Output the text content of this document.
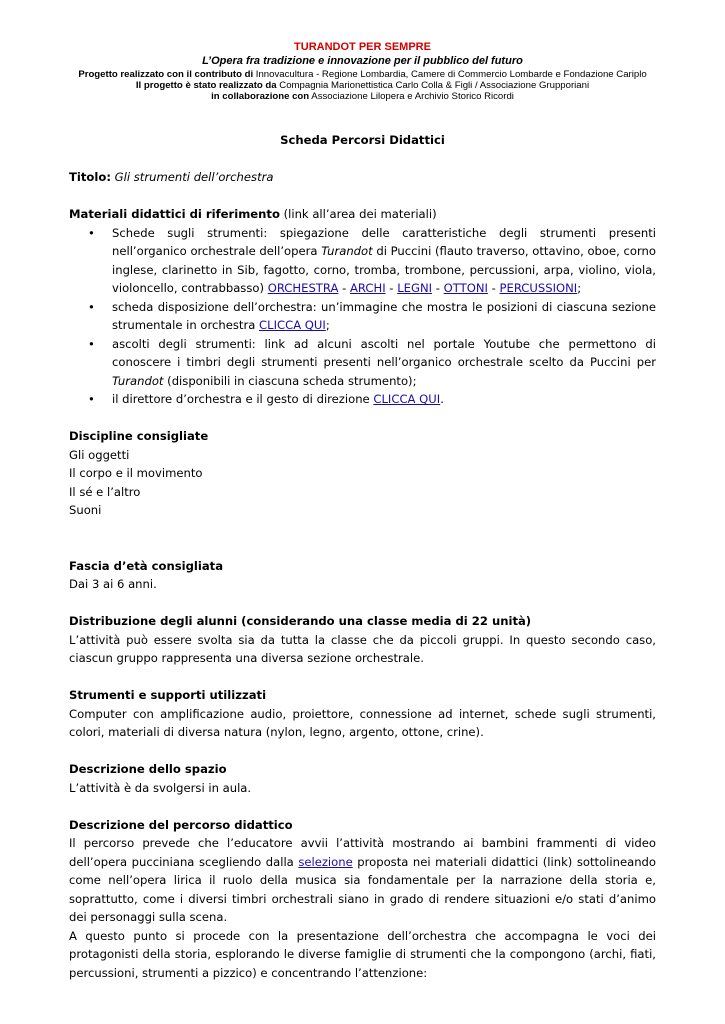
TURANDOT PER SEMPRE
L’Opera fra tradizione e innovazione per il pubblico del futuro
Progetto realizzato con il contributo di Innovacultura - Regione Lombardia, Camere di Commercio Lombarde e Fondazione Cariplo
Il progetto è stato realizzato da Compagnia Marionettistica Carlo Colla & Figli / Associazione Grupporiani
in collaborazione con Associazione Lilopera e Archivio Storico Ricordi

Scheda Percorsi Didattici

Titolo: Gli strumenti dell’orchestra

Materiali didattici di riferimento (link all’area dei materiali)

• Schede sugli strumenti: spiegazione delle caratteristiche degli strumenti presenti nell’organico orchestrale dell’opera Turandot di Puccini (flauto traverso, ottavino, oboe, corno inglese, clarinetto in Sib, fagotto, corno, tromba, trombone, percussioni, arpa, violino, viola, violoncello, contrabbasso) ORCHESTRA - ARCHI - LEGNI - OTTONI - PERCUSSIONI;
• scheda disposizione dell’orchestra: un’immagine che mostra le posizioni di ciascuna sezione strumentale in orchestra CLICCA QUI;
• ascolti degli strumenti: link ad alcuni ascolti nel portale Youtube che permettono di conoscere i timbri degli strumenti presenti nell’organico orchestrale scelto da Puccini per Turandot (disponibili in ciascuna scheda strumento);
• il direttore d’orchestra e il gesto di direzione CLICCA QUI.

Discipline consigliate

Gli oggetti

Il corpo e il movimento

Il sé e l’altro

Suoni

Fascia d’età consigliata

Dai 3 ai 6 anni.

Distribuzione degli alunni (considerando una classe media di 22 unità)

L’attività può essere svolta sia da tutta la classe che da piccoli gruppi. In questo secondo caso, ciascun gruppo rappresenta una diversa sezione orchestrale.

Strumenti e supporti utilizzati

Computer con amplificazione audio, proiettore, connessione ad internet, schede sugli strumenti, colori, materiali di diversa natura (nylon, legno, argento, ottone, crine).

Descrizione dello spazio

L’attività è da svolgersi in aula.

Descrizione del percorso didattico

Il percorso prevede che l’educatore avvii l’attività mostrando ai bambini frammenti di video dell’opera pucciniana scegliendo dalla selezione proposta nei materiali didattici (link) sottolineando come nell’opera lirica il ruolo della musica sia fondamentale per la narrazione della storia e, soprattutto, come i diversi timbri orchestrali siano in grado di rendere situazioni e/o stati d’animo dei personaggi sulla scena.

A questo punto si procede con la presentazione dell’orchestra che accompagna le voci dei protagonisti della storia, esplorando le diverse famiglie di strumenti che la compongono (archi, fiati, percussioni, strumenti a pizzico) e concentrando l’attenzione:
